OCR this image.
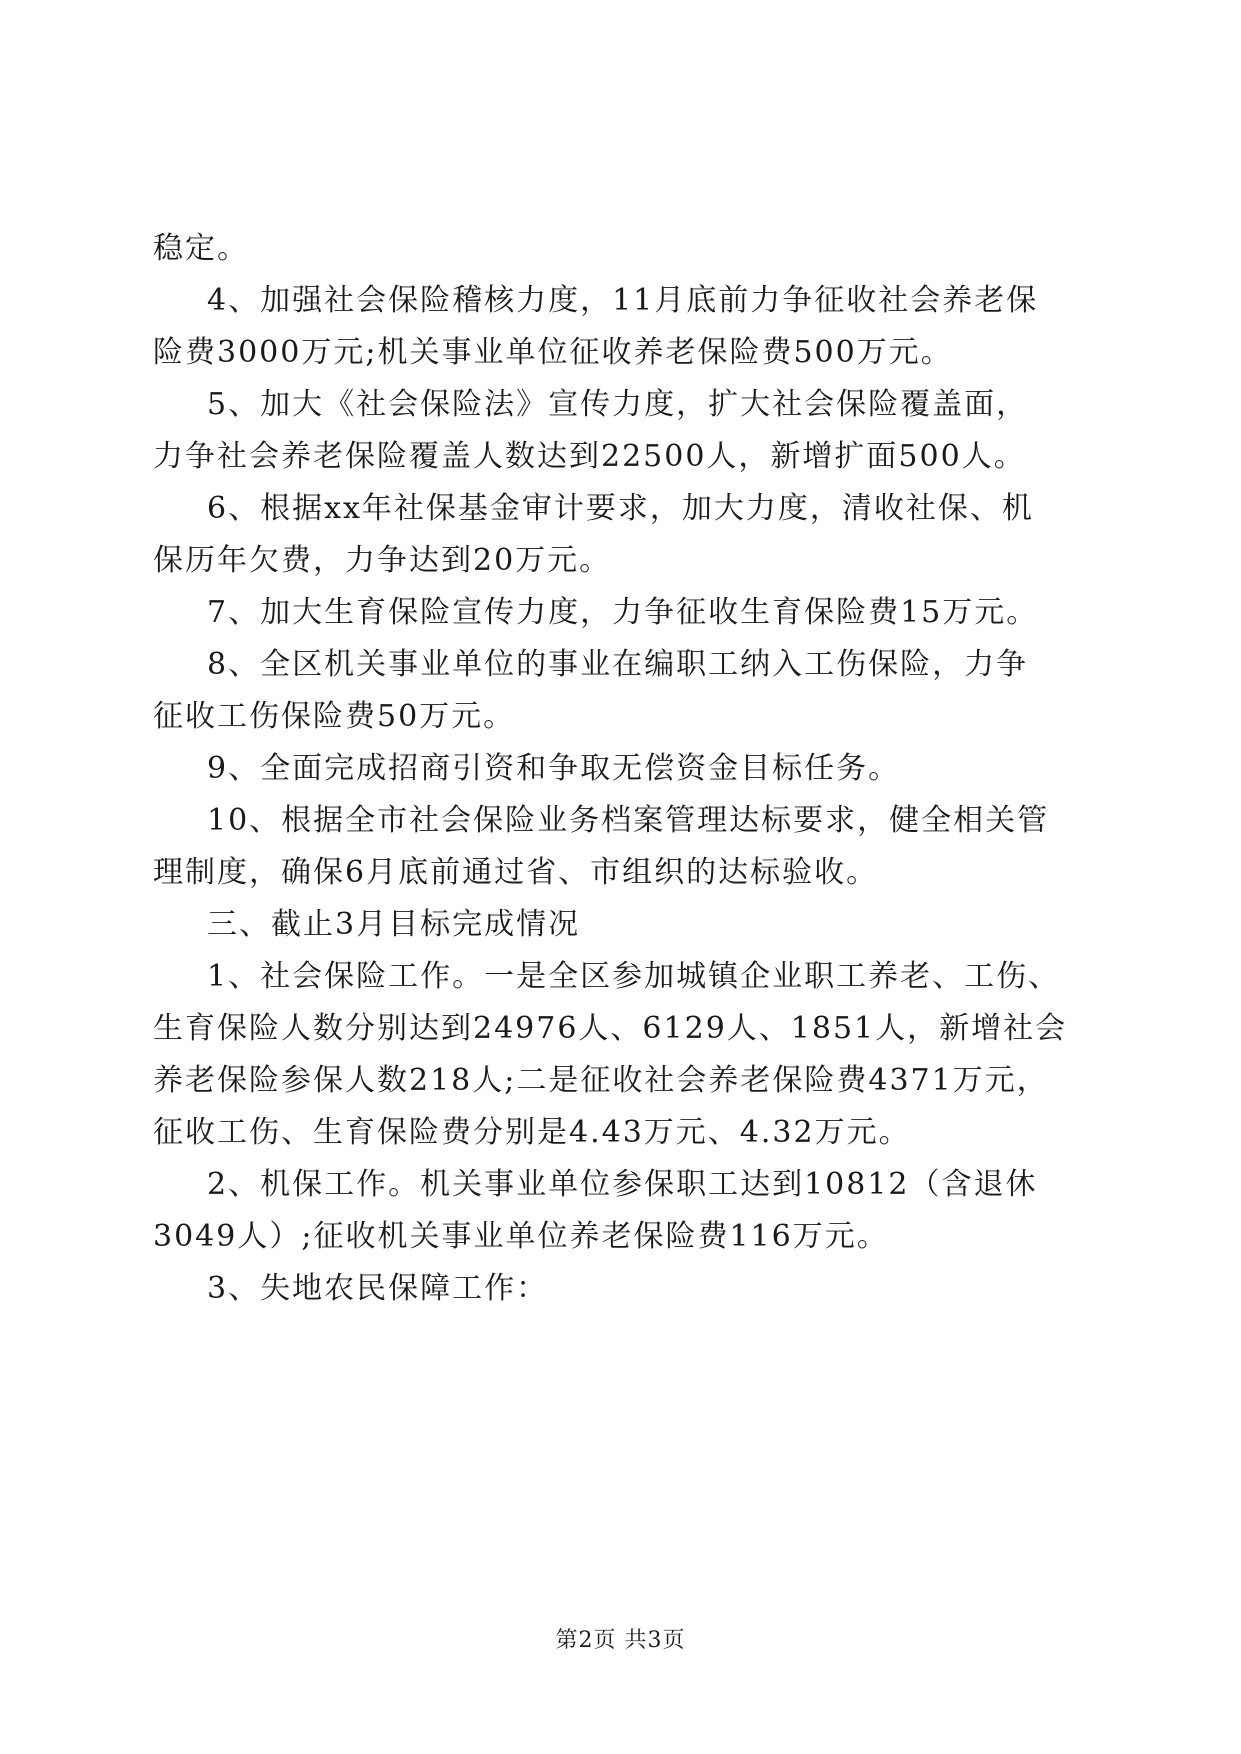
稳定。
4、加强社会保险稽核力度，11月底前力争征收社会养老保
险费3000万元;机关事业单位征收养老保险费500万元。
5、加大《社会保险法》宣传力度，扩大社会保险覆盖面，
力争社会养老保险覆盖人数达到22500人，新增扩面500人。
6、根据xx年社保基金审计要求，加大力度，清收社保、机
保历年欠费，力争达到20万元。
7、加大生育保险宣传力度，力争征收生育保险费15万元。
8、全区机关事业单位的事业在编职工纳入工伤保险，力争
征收工伤保险费50万元。
9、全面完成招商引资和争取无偿资金目标任务。
10、根据全市社会保险业务档案管理达标要求，健全相关管
理制度，确保6月底前通过省、市组织的达标验收。
三、截止3月目标完成情况
1、社会保险工作。一是全区参加城镇企业职工养老、工伤、
生育保险人数分别达到24976人、6129人、1851人，新增社会
养老保险参保人数218人;二是征收社会养老保险费4371万元，
征收工伤、生育保险费分别是4.43万元、4.32万元。
2、机保工作。机关事业单位参保职工达到10812（含退休
3049人）;征收机关事业单位养老保险费116万元。
3、失地农民保障工作：
第2页 共3页
